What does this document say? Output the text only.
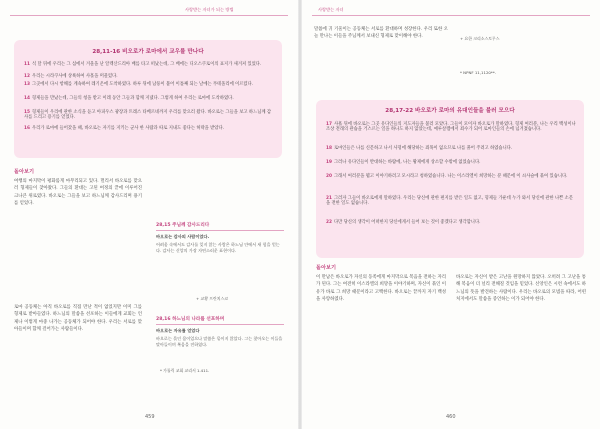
사랑받는 자녀가 되는 방법
28,11-16 비오로가 로마에서 교우를 만나다
11 석 달 뒤에 우리는 그 섬에서 겨울을 난 알렉산드리아 배를 타고 떠났는데, 그 배에는 디오스쿠로이의 표지가 새겨져 있었다.
12 우리는 시라쿠사에 상륙하여 사흘을 머물렀다.
13 그곳에서 다시 항해를 계속하여 레기온에 도착하였다. 하루 뒤에 남풍이 불어 이틀째 되는 날에는 푸테올리에 이르렀다.
14 형제들을 만났는데, 그들의 청을 받고 이레 동안 그들과 함께 지냈다. 그렇게 하여 우리는 로마에 도착하였다.
15 형제들이 우리에 관한 소식을 듣고 아피우스 광장과 트레스 타베르네까지 우리를 맞으러 왔다. 바오로는 그들을 보고 하느님께 감사를 드리고 용기를 얻었다.
16 우리가 로마에 들어갔을 때, 바오로는 자기를 지키는 군사 한 사람과 따로 지내도 좋다는 허락을 받았다.
돌아보기
여행의 마지막이 평화롭게 마무리되고 있다. 멀리서 바오로를 맞으러 형제들이 찾아왔다. 그들의 환대는 고된 여정의 끝에 이루어진 크나큰 위로였다. 바오로는 그들을 보고 하느님께 감사드리며 용기를 얻었다.
로마 공동체는 아직 바오로를 직접 만난 적이 없었지만 이미 그를 형제로 받아들였다. 하느님의 말씀을 선포하는 이들에게 교회는 언제나 이렇게 마중 나가는 공동체가 되어야 한다. 우리는 서로를 맞아들이며 함께 걸어가는 사람들이다.
28,15 주님께 감사드리다
바오로는 감사의 사람이었다.
어려움 속에서도 감사를 잊지 않는 사람은 하느님 안에서 새 힘을 얻는다. 감사는 신앙의 가장 자연스러운 표현이다.
+ 교황 프란치스코
28,16 하느님의 나라를 선포하며
바오로는 자유를 얻었다
바오로는 묶인 몸이었으나 말씀은 묶이지 않았다. 그는 찾아오는 이들을 맞아들이며 복음을 전하였다.
* 가톨릭 교회 교리서 1.411.
459
사랑받는 자녀
말씀에 귀 기울이는 공동체는 서로를 환대하며 성장한다. 우리 또한 오늘 만나는 이들을 주님께서 보내신 형제로 맞이해야 한다.	+ 요한 크리소스토무스
* NPNF 11,1120**.
28,17-22 바오로가 로마의 유대인들을 불러 모으다
17 사흘 뒤에 바오로는 그곳 유다인들의 지도자들을 불러 모았다. 그들이 모이자 바오로가 말하였다. 형제 여러분, 나는 우리 백성이나 조상 전래의 관습을 거스르는 일을 하나도 하지 않았는데, 예루살렘에서 죄수가 되어 로마인들의 손에 넘겨졌습니다.
18 로마인들은 나를 신문하고 나서 사형에 해당하는 죄목이 없으므로 나를 풀어 주려고 하였습니다.
19 그러나 유다인들이 반대하는 바람에, 나는 황제에게 상소할 수밖에 없었습니다.
20 그래서 여러분을 뵙고 이야기하려고 모시라고 청하였습니다. 나는 이스라엘이 희망하는 분 때문에 이 쇠사슬에 묶여 있습니다.
21 그러자 그들이 바오로에게 말하였다. 우리는 당신에 관한 편지를 받은 일도 없고, 형제들 가운데 누가 와서 당신에 관한 나쁜 소문을 전한 일도 없습니다.
22 다만 당신의 생각이 어떠한지 당신에게서 들어 보는 것이 좋겠다고 생각합니다.
돌아보기
이 만남은 바오로가 자신의 동족에게 마지막으로 복음을 전하는 자리가 된다. 그는 여전히 이스라엘의 희망을 이야기하며, 자신이 묶인 이유가 바로 그 희망 때문이라고 고백한다. 바오로는 끝까지 자기 백성을 사랑하였다.
바오로는 자신이 받은 고난을 원망하지 않았다. 오히려 그 고난을 통해 복음이 더 널리 전해질 것임을 믿었다. 신앙인은 시련 속에서도 하느님의 뜻을 발견하는 사람이다. 우리는 바오로의 모범을 따라, 어떤 처지에서도 말씀을 증언하는 이가 되어야 한다.
460
